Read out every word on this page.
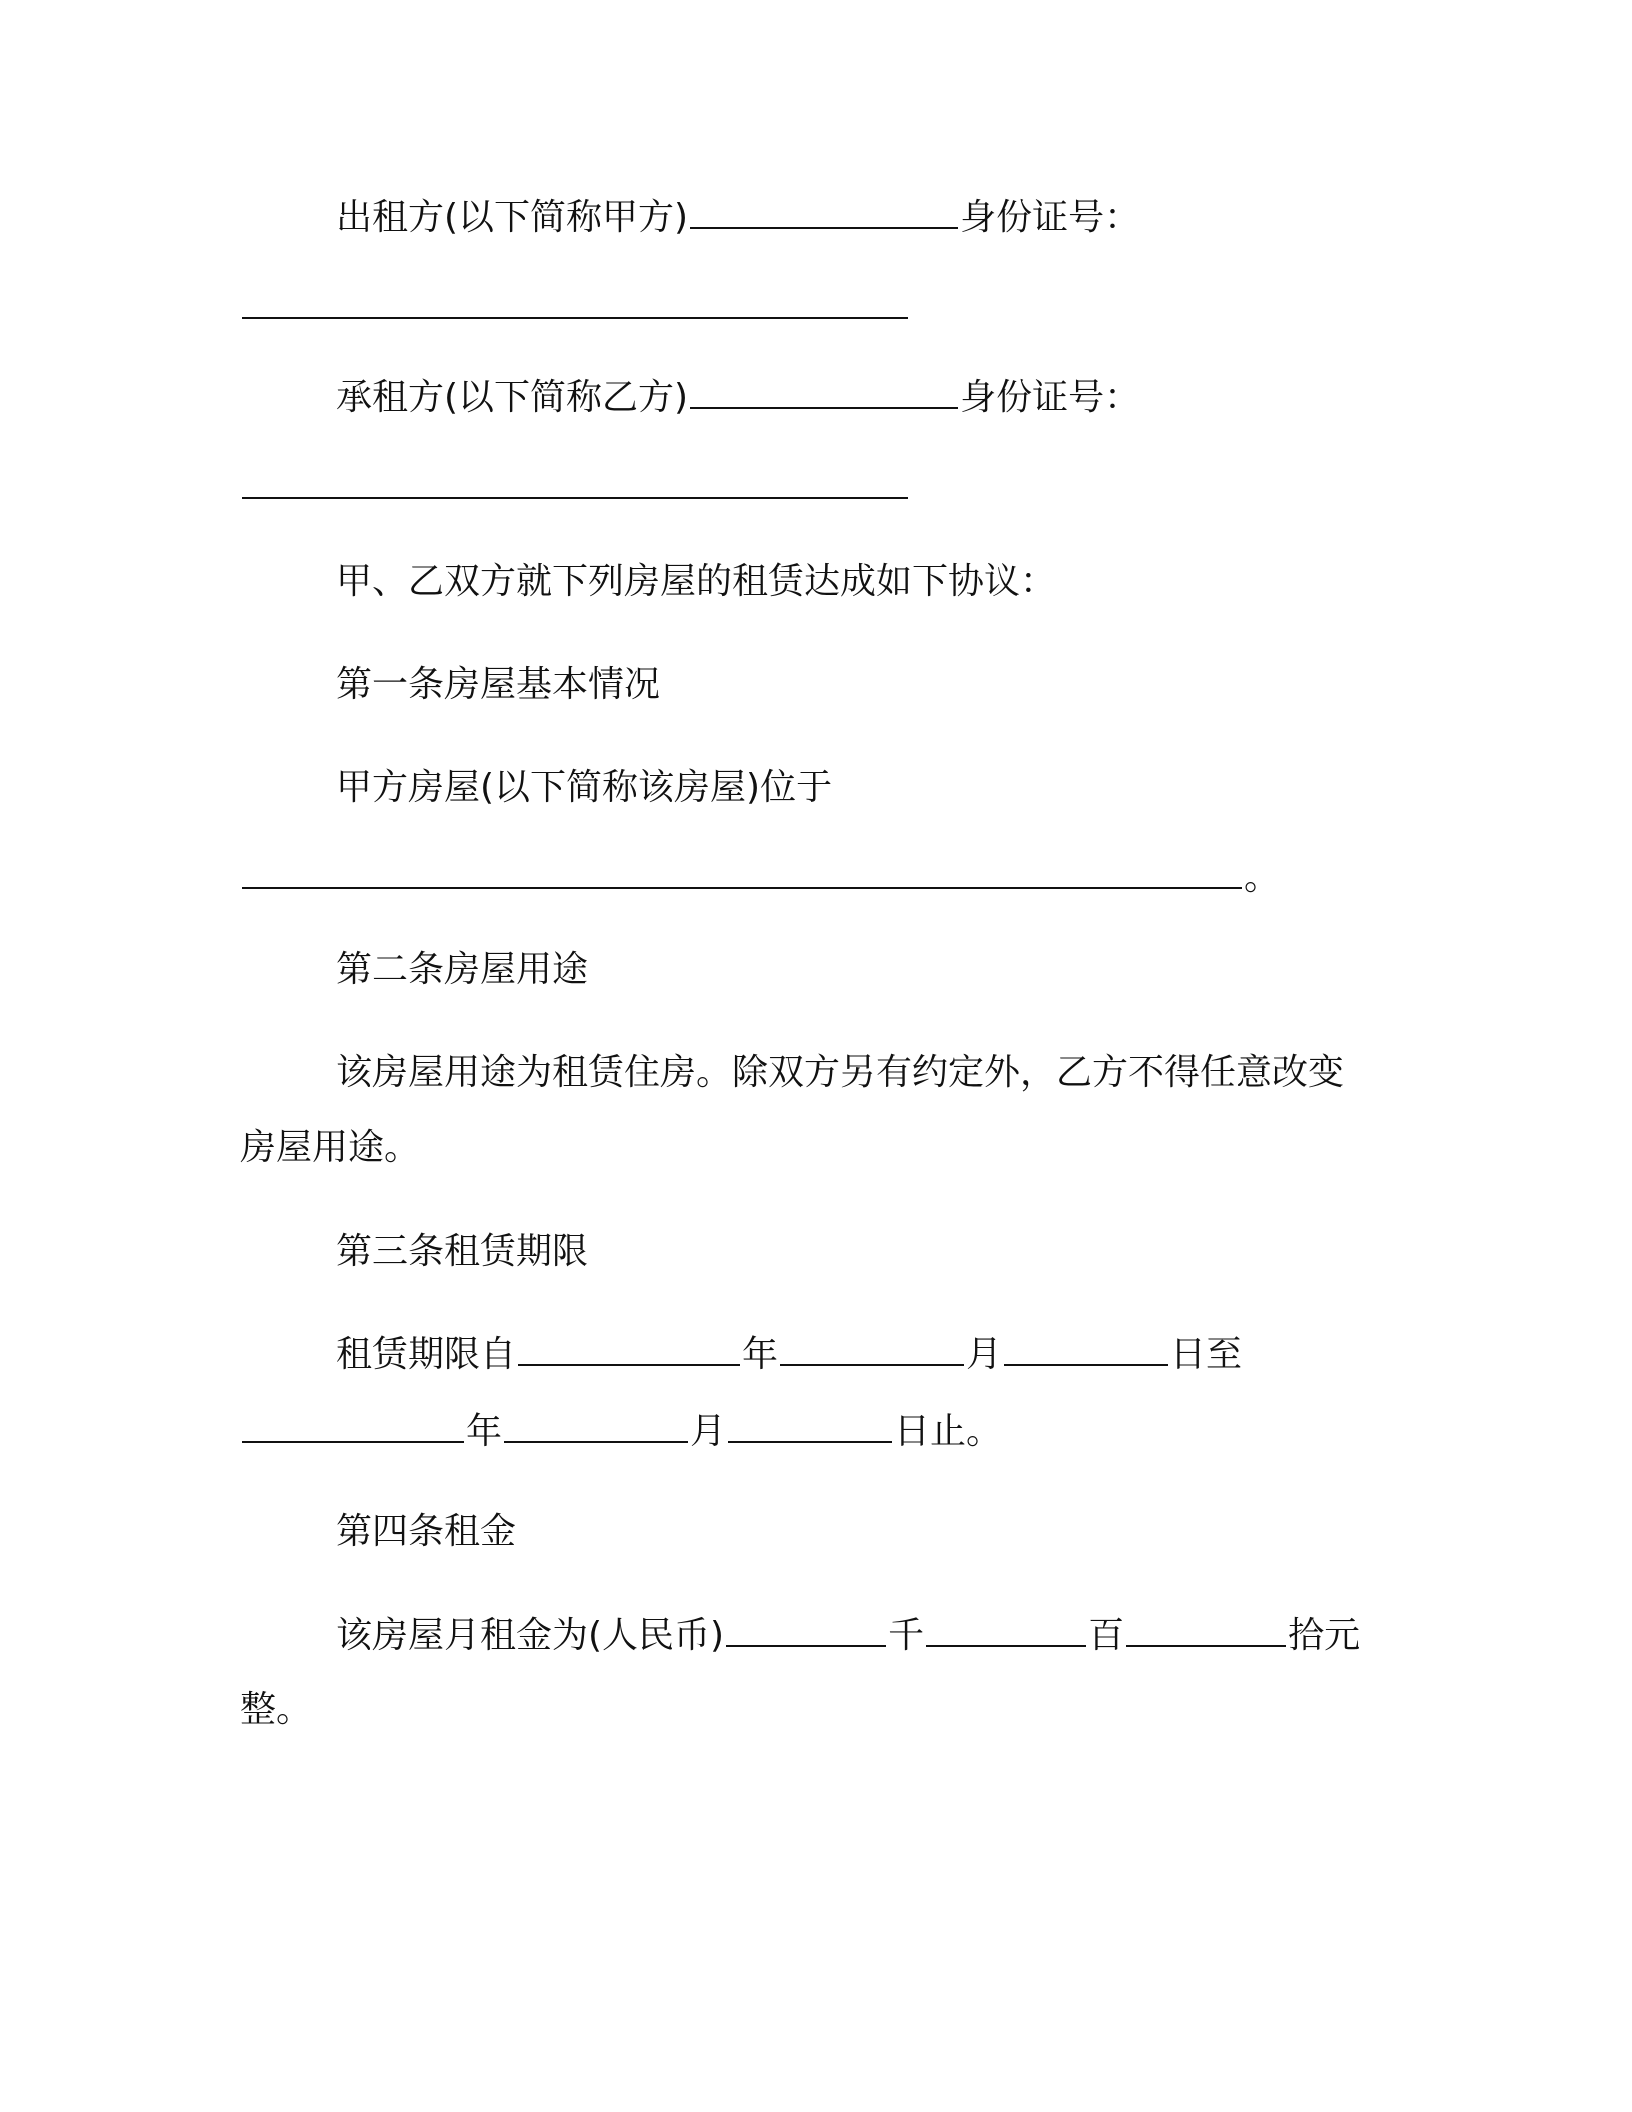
出租方(以下简称甲方)	身份证号：
承租方(以下简称乙方)	身份证号：
甲、乙双方就下列房屋的租赁达成如下协议：
第一条房屋基本情况
甲方房屋(以下简称该房屋)位于
。
第二条房屋用途
该房屋用途为租赁住房。除双方另有约定外，乙方不得任意改变
房屋用途。
第三条租赁期限
租赁期限自	年	月	日至
年	月	日止。
第四条租金
该房屋月租金为(人民币)	千	百	拾元
整。
